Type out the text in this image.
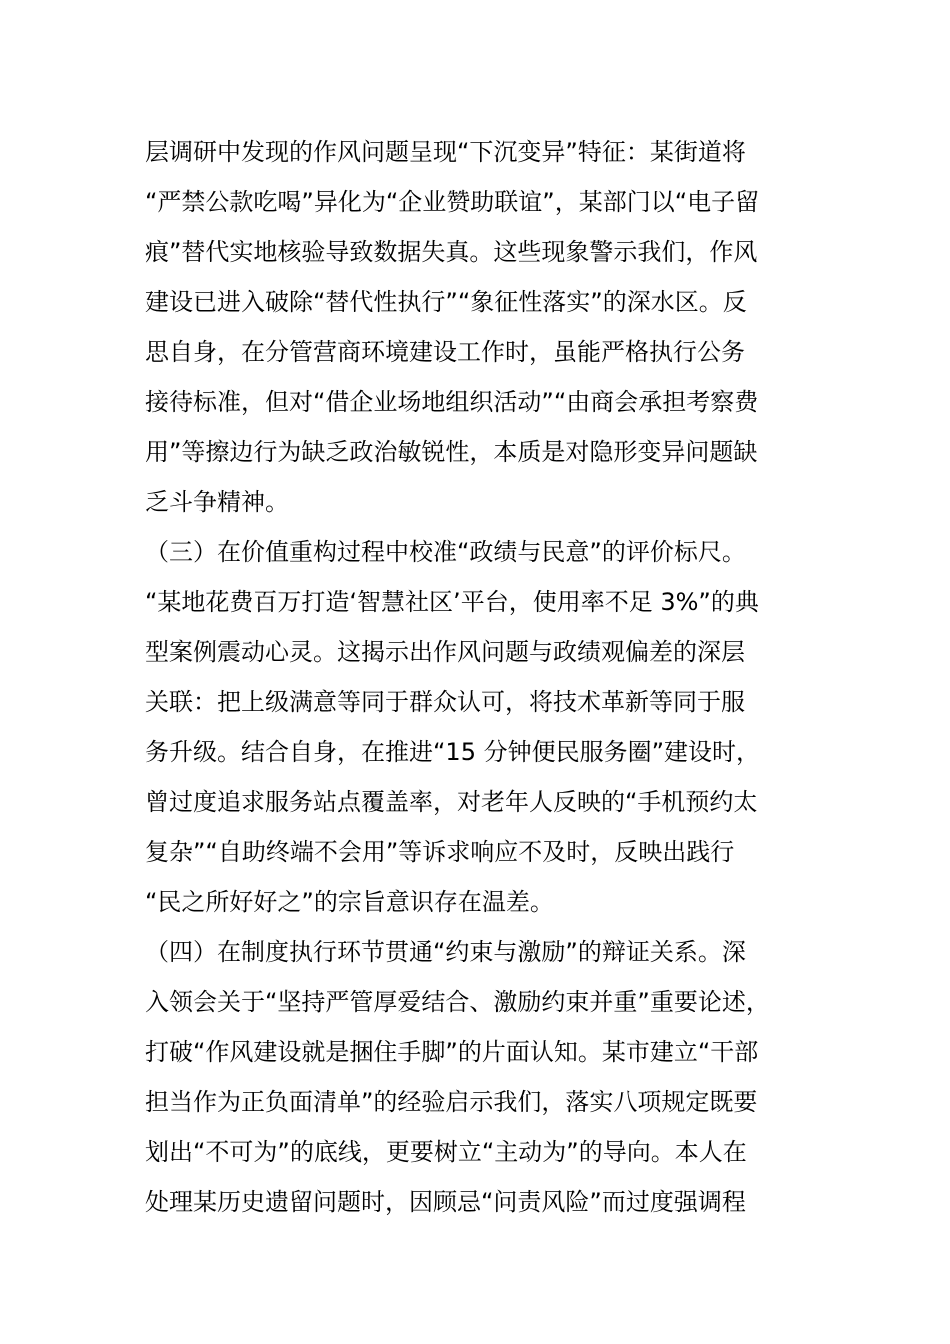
层调研中发现的作风问题呈现“下沉变异”特征：某街道将
“严禁公款吃喝”异化为“企业赞助联谊”，某部门以“电子留
痕”替代实地核验导致数据失真。这些现象警示我们，作风
建设已进入破除“替代性执行”“象征性落实”的深水区。反
思自身，在分管营商环境建设工作时，虽能严格执行公务
接待标准，但对“借企业场地组织活动”“由商会承担考察费
用”等擦边行为缺乏政治敏锐性，本质是对隐形变异问题缺
乏斗争精神。
（三）在价值重构过程中校准“政绩与民意”的评价标尺。
“某地花费百万打造‘智慧社区’平台，使用率不足 3%”的典
型案例震动心灵。这揭示出作风问题与政绩观偏差的深层
关联：把上级满意等同于群众认可，将技术革新等同于服
务升级。结合自身，在推进“15 分钟便民服务圈”建设时，
曾过度追求服务站点覆盖率，对老年人反映的“手机预约太
复杂”“自助终端不会用”等诉求响应不及时，反映出践行
“民之所好好之”的宗旨意识存在温差。
（四）在制度执行环节贯通“约束与激励”的辩证关系。深
入领会关于“坚持严管厚爱结合、激励约束并重”重要论述，
打破“作风建设就是捆住手脚”的片面认知。某市建立“干部
担当作为正负面清单”的经验启示我们，落实八项规定既要
划出“不可为”的底线，更要树立“主动为”的导向。本人在
处理某历史遗留问题时，因顾忌“问责风险”而过度强调程
